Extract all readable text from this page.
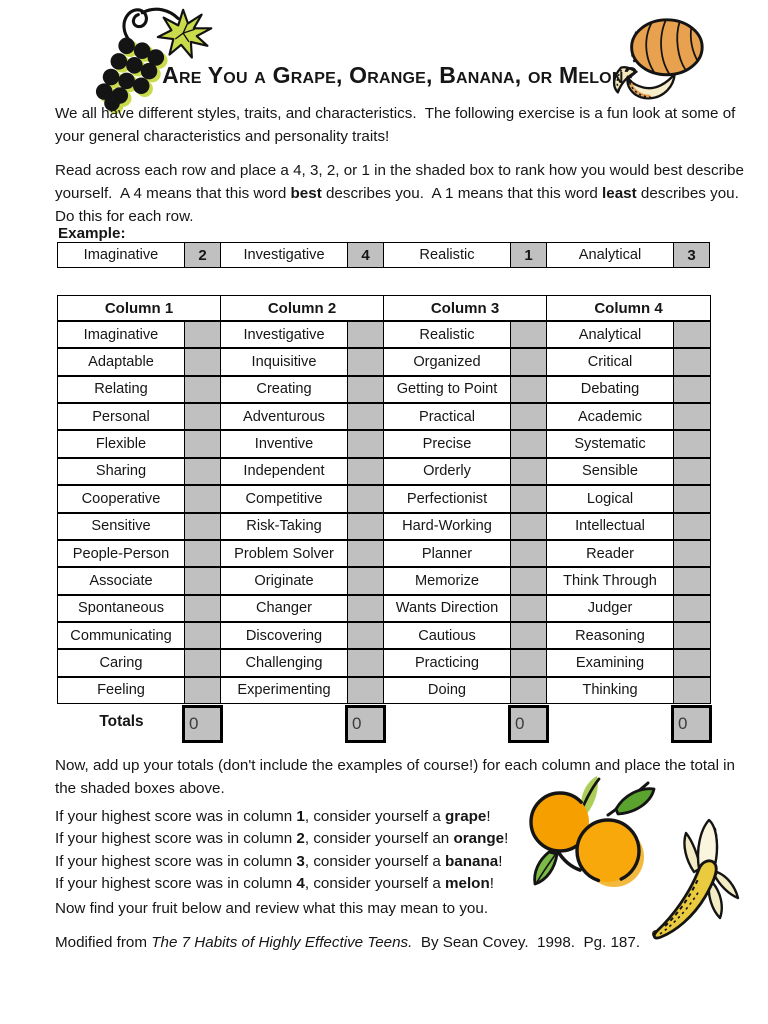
Are You a Grape, Orange, Banana, or Melon?
We all have different styles, traits, and characteristics.  The following exercise is a fun look at some of your general characteristics and personality traits!
Read across each row and place a 4, 3, 2, or 1 in the shaded box to rank how you would best describe yourself.  A 4 means that this word best describes you.  A 1 means that this word least describes you.  Do this for each row.
Example:
Imaginative	2	Investigative	4	Realistic	1	Analytical	3
Column 1	Column 2	Column 3	Column 4
Imaginative	Investigative	Realistic	Analytical
Adaptable	Inquisitive	Organized	Critical
Relating	Creating	Getting to Point	Debating
Personal	Adventurous	Practical	Academic
Flexible	Inventive	Precise	Systematic
Sharing	Independent	Orderly	Sensible
Cooperative	Competitive	Perfectionist	Logical
Sensitive	Risk-Taking	Hard-Working	Intellectual
People-Person	Problem Solver	Planner	Reader
Associate	Originate	Memorize	Think Through
Spontaneous	Changer	Wants Direction	Judger
Communicating	Discovering	Cautious	Reasoning
Caring	Challenging	Practicing	Examining
Feeling	Experimenting	Doing	Thinking
Totals	0	0	0	0
Now, add up your totals (don't include the examples of course!) for each column and place the total in the shaded boxes above.
If your highest score was in column 1, consider yourself a grape!
If your highest score was in column 2, consider yourself an orange!
If your highest score was in column 3, consider yourself a banana!
If your highest score was in column 4, consider yourself a melon!
Now find your fruit below and review what this may mean to you.
Modified from The 7 Habits of Highly Effective Teens.  By Sean Covey.  1998.  Pg. 187.
